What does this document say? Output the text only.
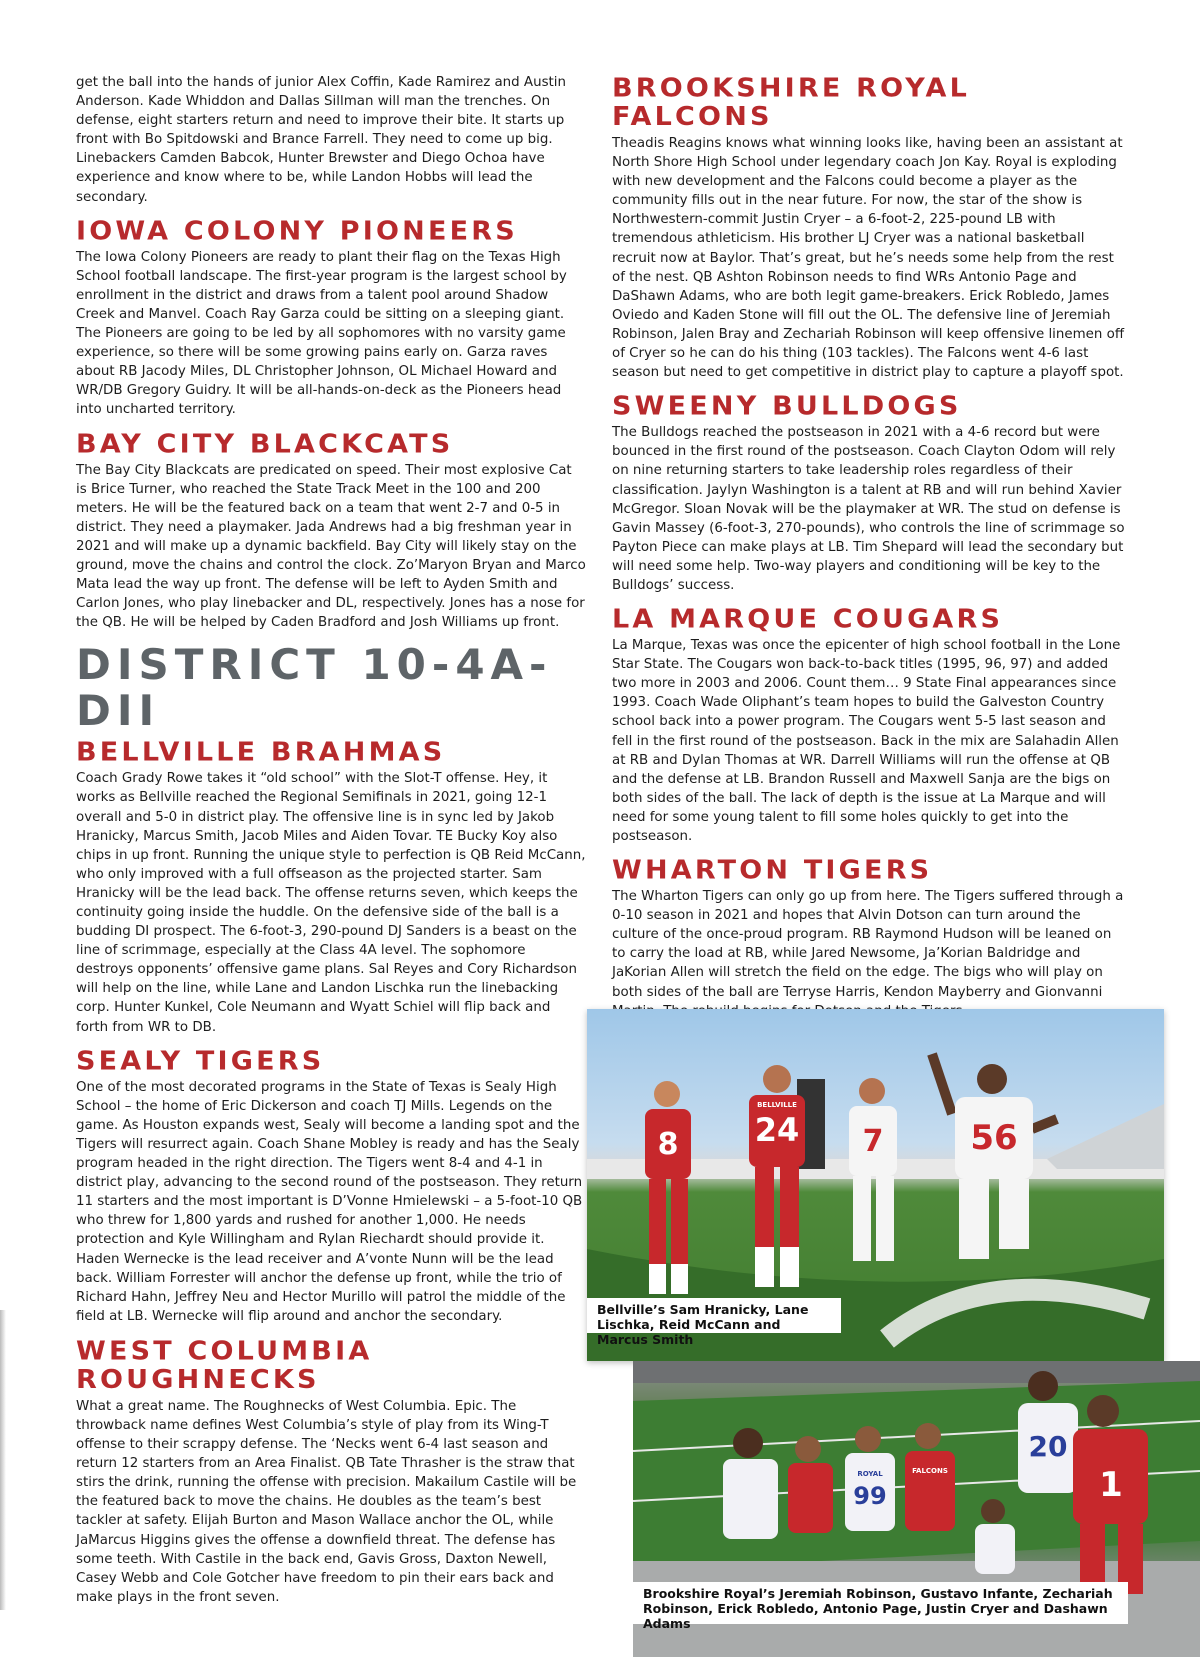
get the ball into the hands of junior Alex Coffin, Kade Ramirez and Austin Anderson. Kade Whiddon and Dallas Sillman will man the trenches. On defense, eight starters return and need to improve their bite. It starts up front with Bo Spitdowski and Brance Farrell. They need to come up big. Linebackers Camden Babcok, Hunter Brewster and Diego Ochoa have experience and know where to be, while Landon Hobbs will lead the secondary.

IOWA COLONY PIONEERS

The Iowa Colony Pioneers are ready to plant their flag on the Texas High School football landscape. The first-year program is the largest school by enrollment in the district and draws from a talent pool around Shadow Creek and Manvel. Coach Ray Garza could be sitting on a sleeping giant. The Pioneers are going to be led by all sophomores with no varsity game experience, so there will be some growing pains early on. Garza raves about RB Jacody Miles, DL Christopher Johnson, OL Michael Howard and WR/DB Gregory Guidry. It will be all-hands-on-deck as the Pioneers head into uncharted territory.

BAY CITY BLACKCATS

The Bay City Blackcats are predicated on speed. Their most explosive Cat is Brice Turner, who reached the State Track Meet in the 100 and 200 meters. He will be the featured back on a team that went 2-7 and 0-5 in district. They need a playmaker. Jada Andrews had a big freshman year in 2021 and will make up a dynamic backfield. Bay City will likely stay on the ground, move the chains and control the clock. Zo’Maryon Bryan and Marco Mata lead the way up front. The defense will be left to Ayden Smith and Carlon Jones, who play linebacker and DL, respectively. Jones has a nose for the QB. He will be helped by Caden Bradford and Josh Williams up front.

DISTRICT 10-4A-DII
BELLVILLE BRAHMAS

Coach Grady Rowe takes it “old school” with the Slot-T offense. Hey, it works as Bellville reached the Regional Semifinals in 2021, going 12-1 overall and 5-0 in district play. The offensive line is in sync led by Jakob Hranicky, Marcus Smith, Jacob Miles and Aiden Tovar. TE Bucky Koy also chips in up front. Running the unique style to perfection is QB Reid McCann, who only improved with a full offseason as the projected starter. Sam Hranicky will be the lead back. The offense returns seven, which keeps the continuity going inside the huddle. On the defensive side of the ball is a budding DI prospect. The 6-foot-3, 290-pound DJ Sanders is a beast on the line of scrimmage, especially at the Class 4A level. The sophomore destroys opponents’ offensive game plans. Sal Reyes and Cory Richardson will help on the line, while Lane and Landon Lischka run the linebacking corp. Hunter Kunkel, Cole Neumann and Wyatt Schiel will flip back and forth from WR to DB.

SEALY TIGERS

One of the most decorated programs in the State of Texas is Sealy High School – the home of Eric Dickerson and coach TJ Mills. Legends on the game. As Houston expands west, Sealy will become a landing spot and the Tigers will resurrect again. Coach Shane Mobley is ready and has the Sealy program headed in the right direction. The Tigers went 8-4 and 4-1 in district play, advancing to the second round of the postseason. They return 11 starters and the most important is D’Vonne Hmielewski – a 5-foot-10 QB who threw for 1,800 yards and rushed for another 1,000. He needs protection and Kyle Willingham and Rylan Riechardt should provide it. Haden Wernecke is the lead receiver and A’vonte Nunn will be the lead back. William Forrester will anchor the defense up front, while the trio of Richard Hahn, Jeffrey Neu and Hector Murillo will patrol the middle of the field at LB. Wernecke will flip around and anchor the secondary.

WEST COLUMBIA
ROUGHNECKS

What a great name. The Roughnecks of West Columbia. Epic. The throwback name defines West Columbia’s style of play from its Wing-T offense to their scrappy defense. The ‘Necks went 6-4 last season and return 12 starters from an Area Finalist. QB Tate Thrasher is the straw that stirs the drink, running the offense with precision. Makailum Castile will be the featured back to move the chains. He doubles as the team’s best tackler at safety. Elijah Burton and Mason Wallace anchor the OL, while JaMarcus Higgins gives the offense a downfield threat. The defense has some teeth. With Castile in the back end, Gavis Gross, Daxton Newell, Casey Webb and Cole Gotcher have freedom to pin their ears back and make plays in the front seven.

BROOKSHIRE ROYAL FALCONS

Theadis Reagins knows what winning looks like, having been an assistant at North Shore High School under legendary coach Jon Kay. Royal is exploding with new development and the Falcons could become a player as the community fills out in the near future. For now, the star of the show is Northwestern-commit Justin Cryer – a 6-foot-2, 225-pound LB with tremendous athleticism. His brother LJ Cryer was a national basketball recruit now at Baylor. That’s great, but he’s needs some help from the rest of the nest. QB Ashton Robinson needs to find WRs Antonio Page and DaShawn Adams, who are both legit game-breakers. Erick Robledo, James Oviedo and Kaden Stone will fill out the OL. The defensive line of Jeremiah Robinson, Jalen Bray and Zechariah Robinson will keep offensive linemen off of Cryer so he can do his thing (103 tackles). The Falcons went 4-6 last season but need to get competitive in district play to capture a playoff spot.

SWEENY BULLDOGS

The Bulldogs reached the postseason in 2021 with a 4-6 record but were bounced in the first round of the postseason. Coach Clayton Odom will rely on nine returning starters to take leadership roles regardless of their classification. Jaylyn Washington is a talent at RB and will run behind Xavier McGregor. Sloan Novak will be the playmaker at WR. The stud on defense is Gavin Massey (6-foot-3, 270-pounds), who controls the line of scrimmage so Payton Piece can make plays at LB. Tim Shepard will lead the secondary but will need some help. Two-way players and conditioning will be key to the Bulldogs’ success.

LA MARQUE COUGARS

La Marque, Texas was once the epicenter of high school football in the Lone Star State. The Cougars won back-to-back titles (1995, 96, 97) and added two more in 2003 and 2006. Count them… 9 State Final appearances since 1993. Coach Wade Oliphant’s team hopes to build the Galveston Country school back into a power program. The Cougars went 5-5 last season and fell in the first round of the postseason. Back in the mix are Salahadin Allen at RB and Dylan Thomas at WR. Darrell Williams will run the offense at QB and the defense at LB. Brandon Russell and Maxwell Sanja are the bigs on both sides of the ball. The lack of depth is the issue at La Marque and will need for some young talent to fill some holes quickly to get into the postseason.

WHARTON TIGERS

The Wharton Tigers can only go up from here. The Tigers suffered through a 0-10 season in 2021 and hopes that Alvin Dotson can turn around the culture of the once-proud program. RB Raymond Hudson will be leaned on to carry the load at RB, while Jared Newsome, Ja’Korian Baldridge and JaKorian Allen will stretch the field on the edge. The bigs who will play on both sides of the ball are Terryse Harris, Kendon Mayberry and Gionvanni

8 24 7	56
BELLVILLE
Bellville’s Sam Hranicky, Lane Lischka, Reid McCann and Marcus Smith
99
20
1
FALCONS
ROYAL
Brookshire Royal’s Jeremiah Robinson, Gustavo Infante, Zechariah Robinson, Erick Robledo, Antonio Page, Justin Cryer and Dashawn Adams
